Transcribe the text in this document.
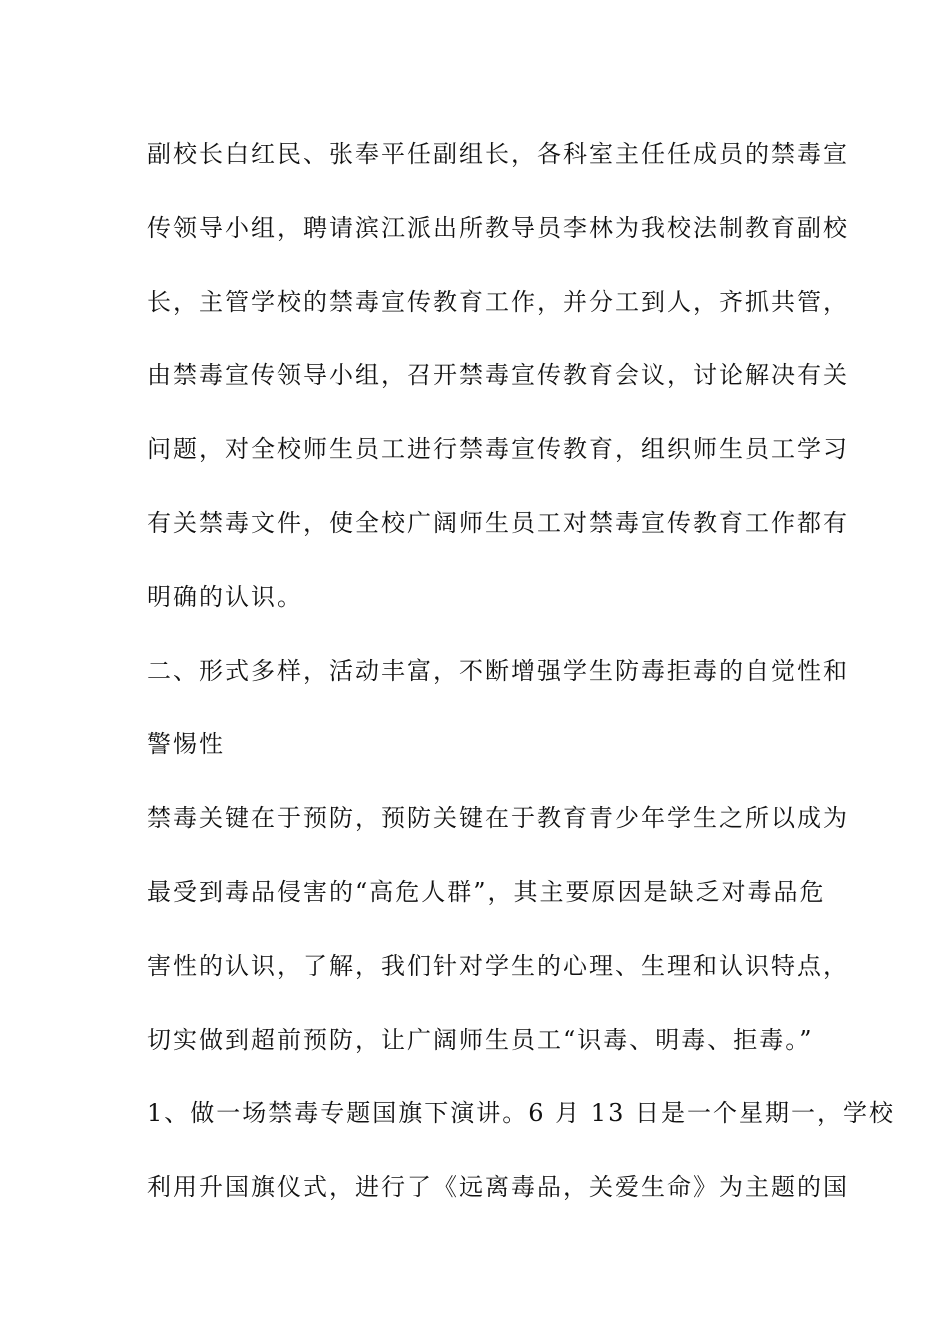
副校长白红民、张奉平任副组长，各科室主任任成员的禁毒宣
传领导小组，聘请滨江派出所教导员李林为我校法制教育副校
长，主管学校的禁毒宣传教育工作，并分工到人，齐抓共管，
由禁毒宣传领导小组，召开禁毒宣传教育会议，讨论解决有关
问题，对全校师生员工进行禁毒宣传教育，组织师生员工学习
有关禁毒文件，使全校广阔师生员工对禁毒宣传教育工作都有
明确的认识。
二、形式多样，活动丰富，不断增强学生防毒拒毒的自觉性和
警惕性
禁毒关键在于预防，预防关键在于教育青少年学生之所以成为
最受到毒品侵害的“高危人群”，其主要原因是缺乏对毒品危
害性的认识，了解，我们针对学生的心理、生理和认识特点，
切实做到超前预防，让广阔师生员工“识毒、明毒、拒毒。”
1、做一场禁毒专题国旗下演讲。6 月 13 日是一个星期一，学校
利用升国旗仪式，进行了《远离毒品，关爱生命》为主题的国
